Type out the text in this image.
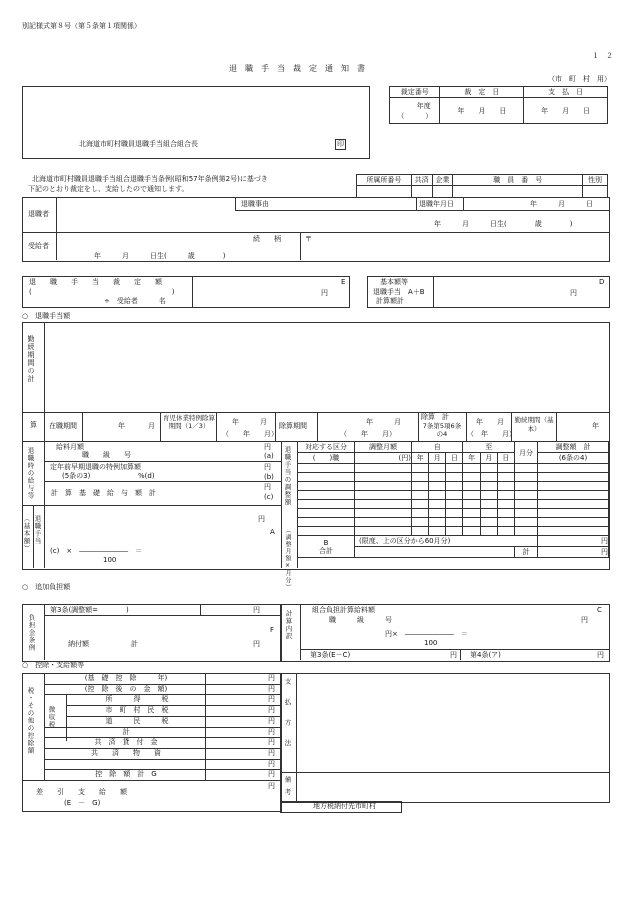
別記様式第８号（第５条第１項関係）
１　２
退　職　手　当　裁　定　通　知　書
（市　町　村　用）
北海道市町村職員退職手当組合組合長	印
裁定番号	裁　定　日	支　払　日

年度
（　　　）	年　　月　　日	年　　月　　日
北海道市町村職員退職手当組合退職手当条例(昭和57年条例第2号)に基づき
下記のとおり裁定をし、支給したので通知します。
所属所番号	共済	企業	職　員　番　号	性別

退職者
退職事由	退職年月日	年　　　月　　　日
年　　　月　　　日生(　　　　歳　　　　)
受給者
続　　柄	〒
年　　　月　　　日生(　　　歳　　　　)
退　　職　　手　　当　　裁　　定　　額
(　　　　　　　　　　　　　　　　　　　　)
÷　受給者　　　名
E
円
基本額等
退職手当　A＋B
計算額計
D
円
○　退職手当額
勤続期間の計
算 在職期間	年	月
育児休業特例除算期間（1／3）	年　　　月
（　　年　　月）
除算期間	年　　　月
（　　年　　月）
除算　計
7条第5項6条の4
年　　月
（　年　　月）
勤続期間（基本）	年
退職時の給与等	給料月額	円
職　　級　　号	(a)
定年前早期退職の特例加算額	円
(5条の3)	%(d)	(b)
円
計　算　基　礎　給　与　額　計	(c)
（基本額） 退職手当	円
A
(c)　×　―――――――　＝
100
退職手当の調整額
（調整月額×月分）
対応する区分	調整月額	自			至			月分	調整額　計
(　　)職	(円)	年	月	日	年	月	日		(6条の4)

B
合計	(限度、上の区分から60月分)								円
								計	円
○　追加負担額
負担金条例
第3条(調整額=　　　　)	円
F
納付額　　　　　　計	円
計算内訳	組合負担計算給料額	C
職　　　級　　　号	円
円×　―――――――　＝
100
第3条(E－C)	円 第4条(ア)	円
○　控除・支給額等
税・その他の控除額 微収税
(基　礎　控　除　　　年)	円
(控　除　後　の　金　額)	円
所　　　得　　　税	円
市　町　村　民　税	円
道　　　民　　　税	円
計	円
共　済　貸　付　金	円
共　　済　　物　　資	円
円
控　除　額　計　G	円
差　　引　　支　　給　　額
(E　－　G)
円
支払方法
備考
地方税納付先市町村
